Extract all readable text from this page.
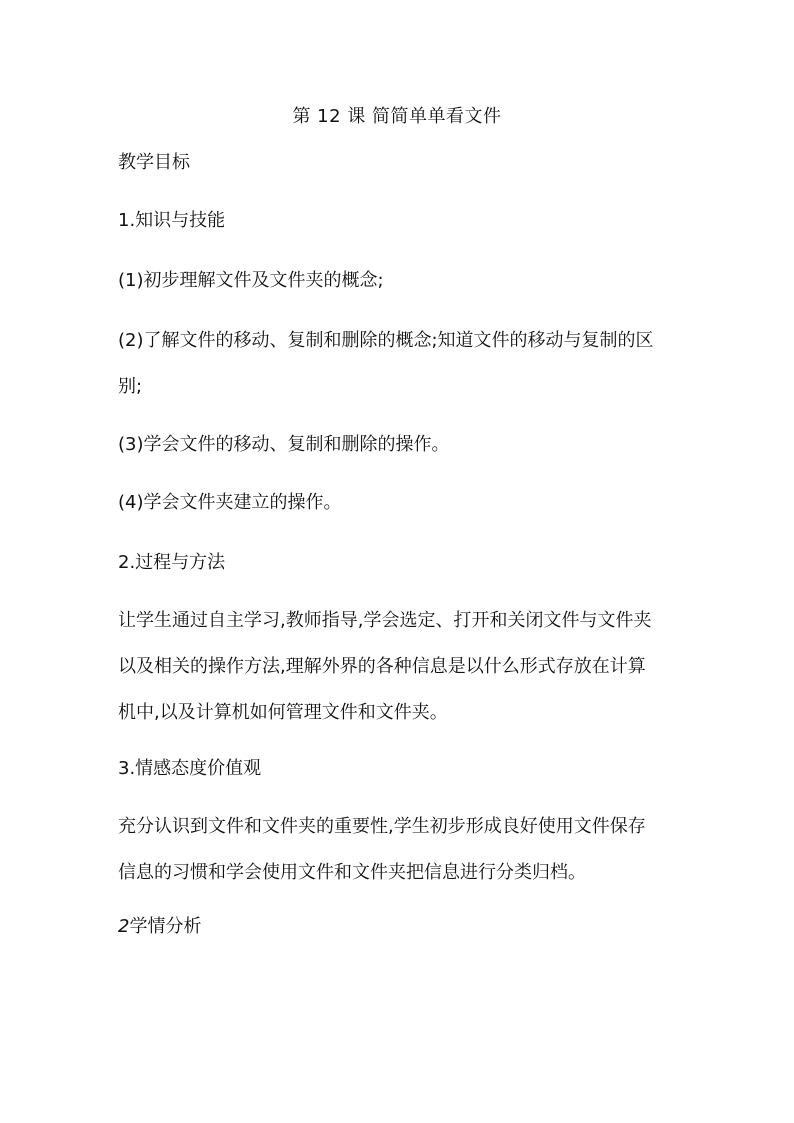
第 12 课 简简单单看文件
教学目标
1.知识与技能
(1)初步理解文件及文件夹的概念;
(2)了解文件的移动、复制和删除的概念;知道文件的移动与复制的区
别;
(3)学会文件的移动、复制和删除的操作。
(4)学会文件夹建立的操作。
2.过程与方法
让学生通过自主学习,教师指导,学会选定、打开和关闭文件与文件夹
以及相关的操作方法,理解外界的各种信息是以什么形式存放在计算
机中,以及计算机如何管理文件和文件夹。
3.情感态度价值观
充分认识到文件和文件夹的重要性,学生初步形成良好使用文件保存
信息的习惯和学会使用文件和文件夹把信息进行分类归档。
2学情分析
